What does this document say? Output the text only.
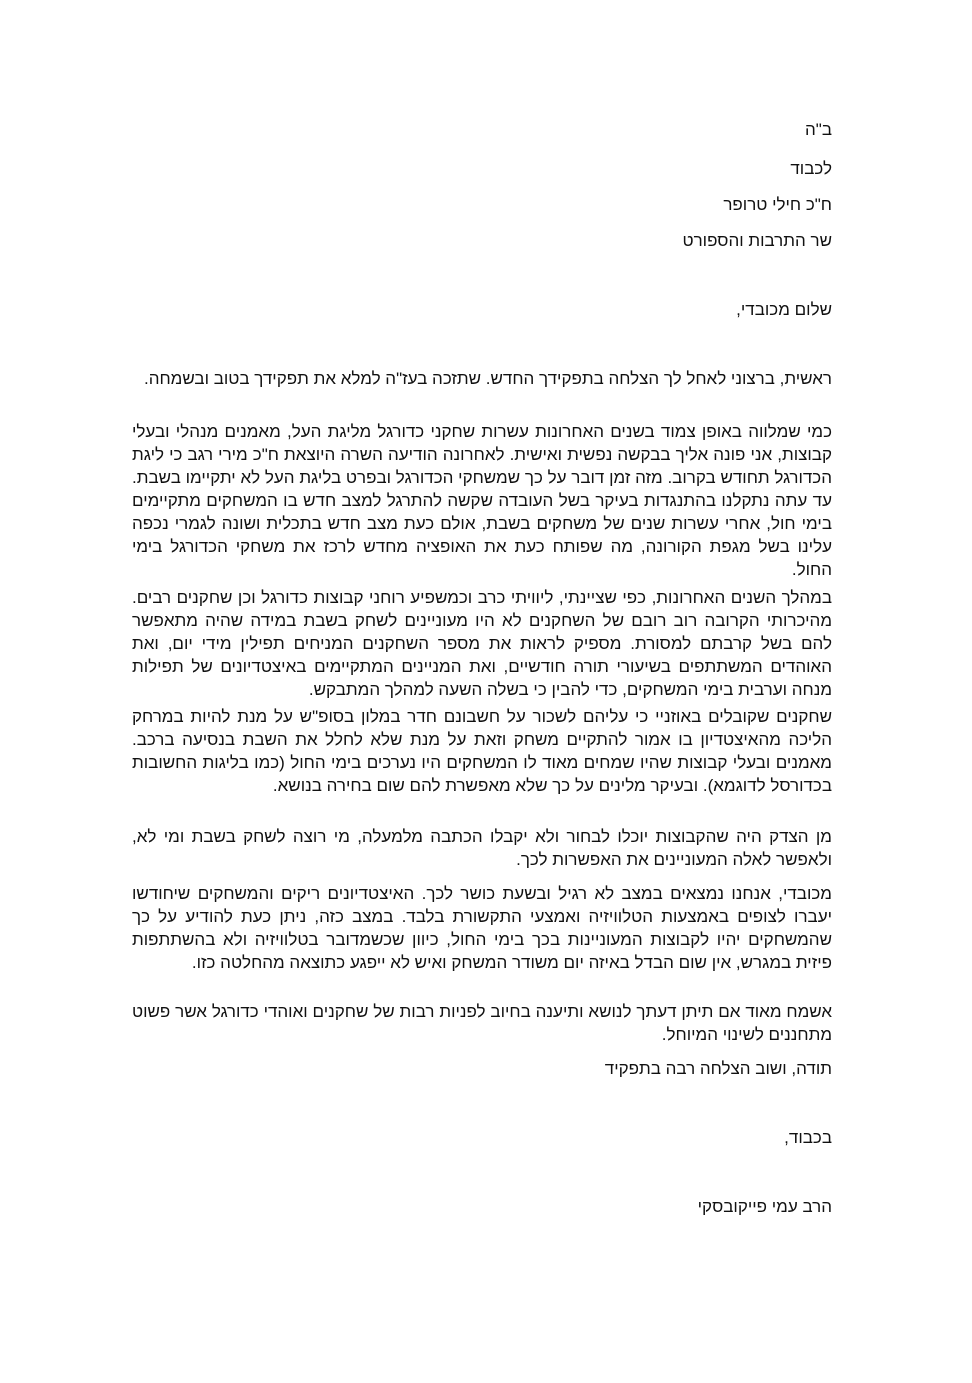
ב"ה

לכבוד

ח"כ חילי טרופר

שר התרבות והספורט

שלום מכובדי,

ראשית, ברצוני לאחל לך הצלחה בתפקידך החדש. שתזכה בעז"ה למלא את תפקידך בטוב ובשמחה.

כמי שמלווה באופן צמוד בשנים האחרונות עשרות שחקני כדורגל מליגת העל, מאמנים מנהלי ובעלי קבוצות, אני פונה אליך בבקשה נפשית ואישית. לאחרונה הודיעה השרה היוצאת ח"כ מירי רגב כי ליגת הכדורגל תחודש בקרוב. מזה זמן דובר על כך שמשחקי הכדורגל ובפרט בליגת העל לא יתקיימו בשבת. עד עתה נתקלנו בהתנגדות בעיקר בשל העובדה שקשה להתרגל למצב חדש בו המשחקים מתקיימים בימי חול, אחרי עשרות שנים של משחקים בשבת, אולם כעת מצב חדש בתכלית ושונה לגמרי נכפה עלינו בשל מגפת הקורונה, מה שפותח כעת את האופציה מחדש לרכז את משחקי הכדורגל בימי החול.

במהלך השנים האחרונות, כפי שציינתי, ליוויתי כרב וכמשפיע רוחני קבוצות כדורגל וכן שחקנים רבים. מהיכרותי הקרובה רוב רובם של השחקנים לא היו מעוניינים לשחק בשבת במידה שהיה מתאפשר להם בשל קרבתם למסורת. מספיק לראות את מספר השחקנים המניחים תפילין מידי יום, ואת האוהדים המשתתפים בשיעורי תורה חודשיים, ואת המניינים המתקיימים באיצטדיונים של תפילות מנחה וערבית בימי המשחקים, כדי להבין כי בשלה השעה למהלך המתבקש.

שחקנים שקובלים באוזניי כי עליהם לשכור על חשבונם חדר במלון בסופ"ש על מנת להיות במרחק הליכה מהאיצטדיון בו אמור להתקיים משחק וזאת על מנת שלא לחלל את השבת בנסיעה ברכב. מאמנים ובעלי קבוצות שהיו שמחים מאוד לו המשחקים היו נערכים בימי החול (כמו בליגות החשובות בכדורסל לדוגמא). ובעיקר מלינים על כך שלא מאפשרת להם שום בחירה בנושא.

מן הצדק היה שהקבוצות יוכלו לבחור ולא יקבלו הכתבה מלמעלה, מי רוצה לשחק בשבת ומי לא, ולאפשר לאלה המעוניינים את האפשרות לכך.

מכובדי, אנחנו נמצאים במצב לא רגיל ובשעת כושר לכך. האיצטדיונים ריקים והמשחקים שיחודשו יעברו לצופים באמצעות הטלוויזיה ואמצעי התקשורת בלבד. במצב כזה, ניתן כעת להודיע על כך שהמשחקים יהיו לקבוצות המעוניינות בכך בימי החול, כיוון שכשמדובר בטלוויזיה ולא בהשתתפות פיזית במגרש, אין שום הבדל באיזה יום משודר המשחק ואיש לא ייפגע כתוצאה מהחלטה כזו.

אשמח מאוד אם תיתן דעתך לנושא ותיענה בחיוב לפניות רבות של שחקנים ואוהדי כדורגל אשר פשוט מתחננים לשינוי המיוחל.

תודה, ושוב הצלחה רבה בתפקיד

בכבוד,

הרב עמי פייקובסקי
